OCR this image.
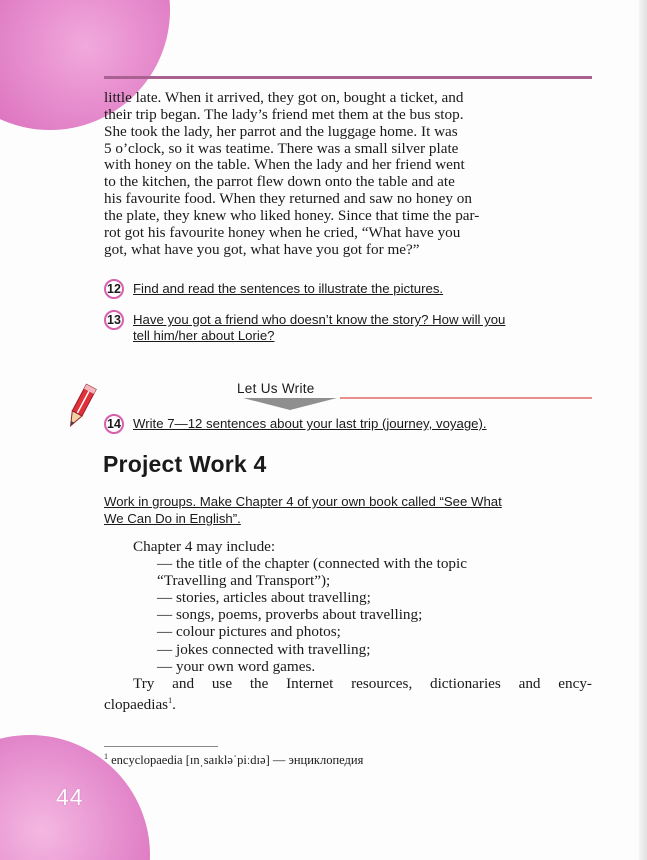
little late. When it arrived, they got on, bought a ticket, and

their trip began. The lady’s friend met them at the bus stop.

She took the lady, her parrot and the luggage home. It was

5 o’clock, so it was teatime. There was a small silver plate

with honey on the table. When the lady and her friend went

to the kitchen, the parrot flew down onto the table and ate

his favourite food. When they returned and saw no honey on

the plate, they knew who liked honey. Since that time the par-

rot got his favourite honey when he cried, “What have you

got, what have you got, what have you got for me?”

12 Find and read the sentences to illustrate the pictures.
13 Have you got a friend who doesn’t know the story? How will you
tell him/her about Lorie?
Let Us Write
14 Write 7—12 sentences about your last trip (journey, voyage).
Project Work 4
Work in groups. Make Chapter 4 of your own book called “See What
We Can Do in English”.
Chapter 4 may include:
— the title of the chapter (connected with the topic
“Travelling and Transport”);
— stories, articles about travelling;
— songs, poems, proverbs about travelling;
— colour pictures and photos;
— jokes connected with travelling;
— your own word games.
Try and use the Internet resources, dictionaries and ency-
clopaedias$^1$.
$^1$ encyclopaedia [ɪnˌsaɪkləˈpiːdɪə] — энциклопедия
44
